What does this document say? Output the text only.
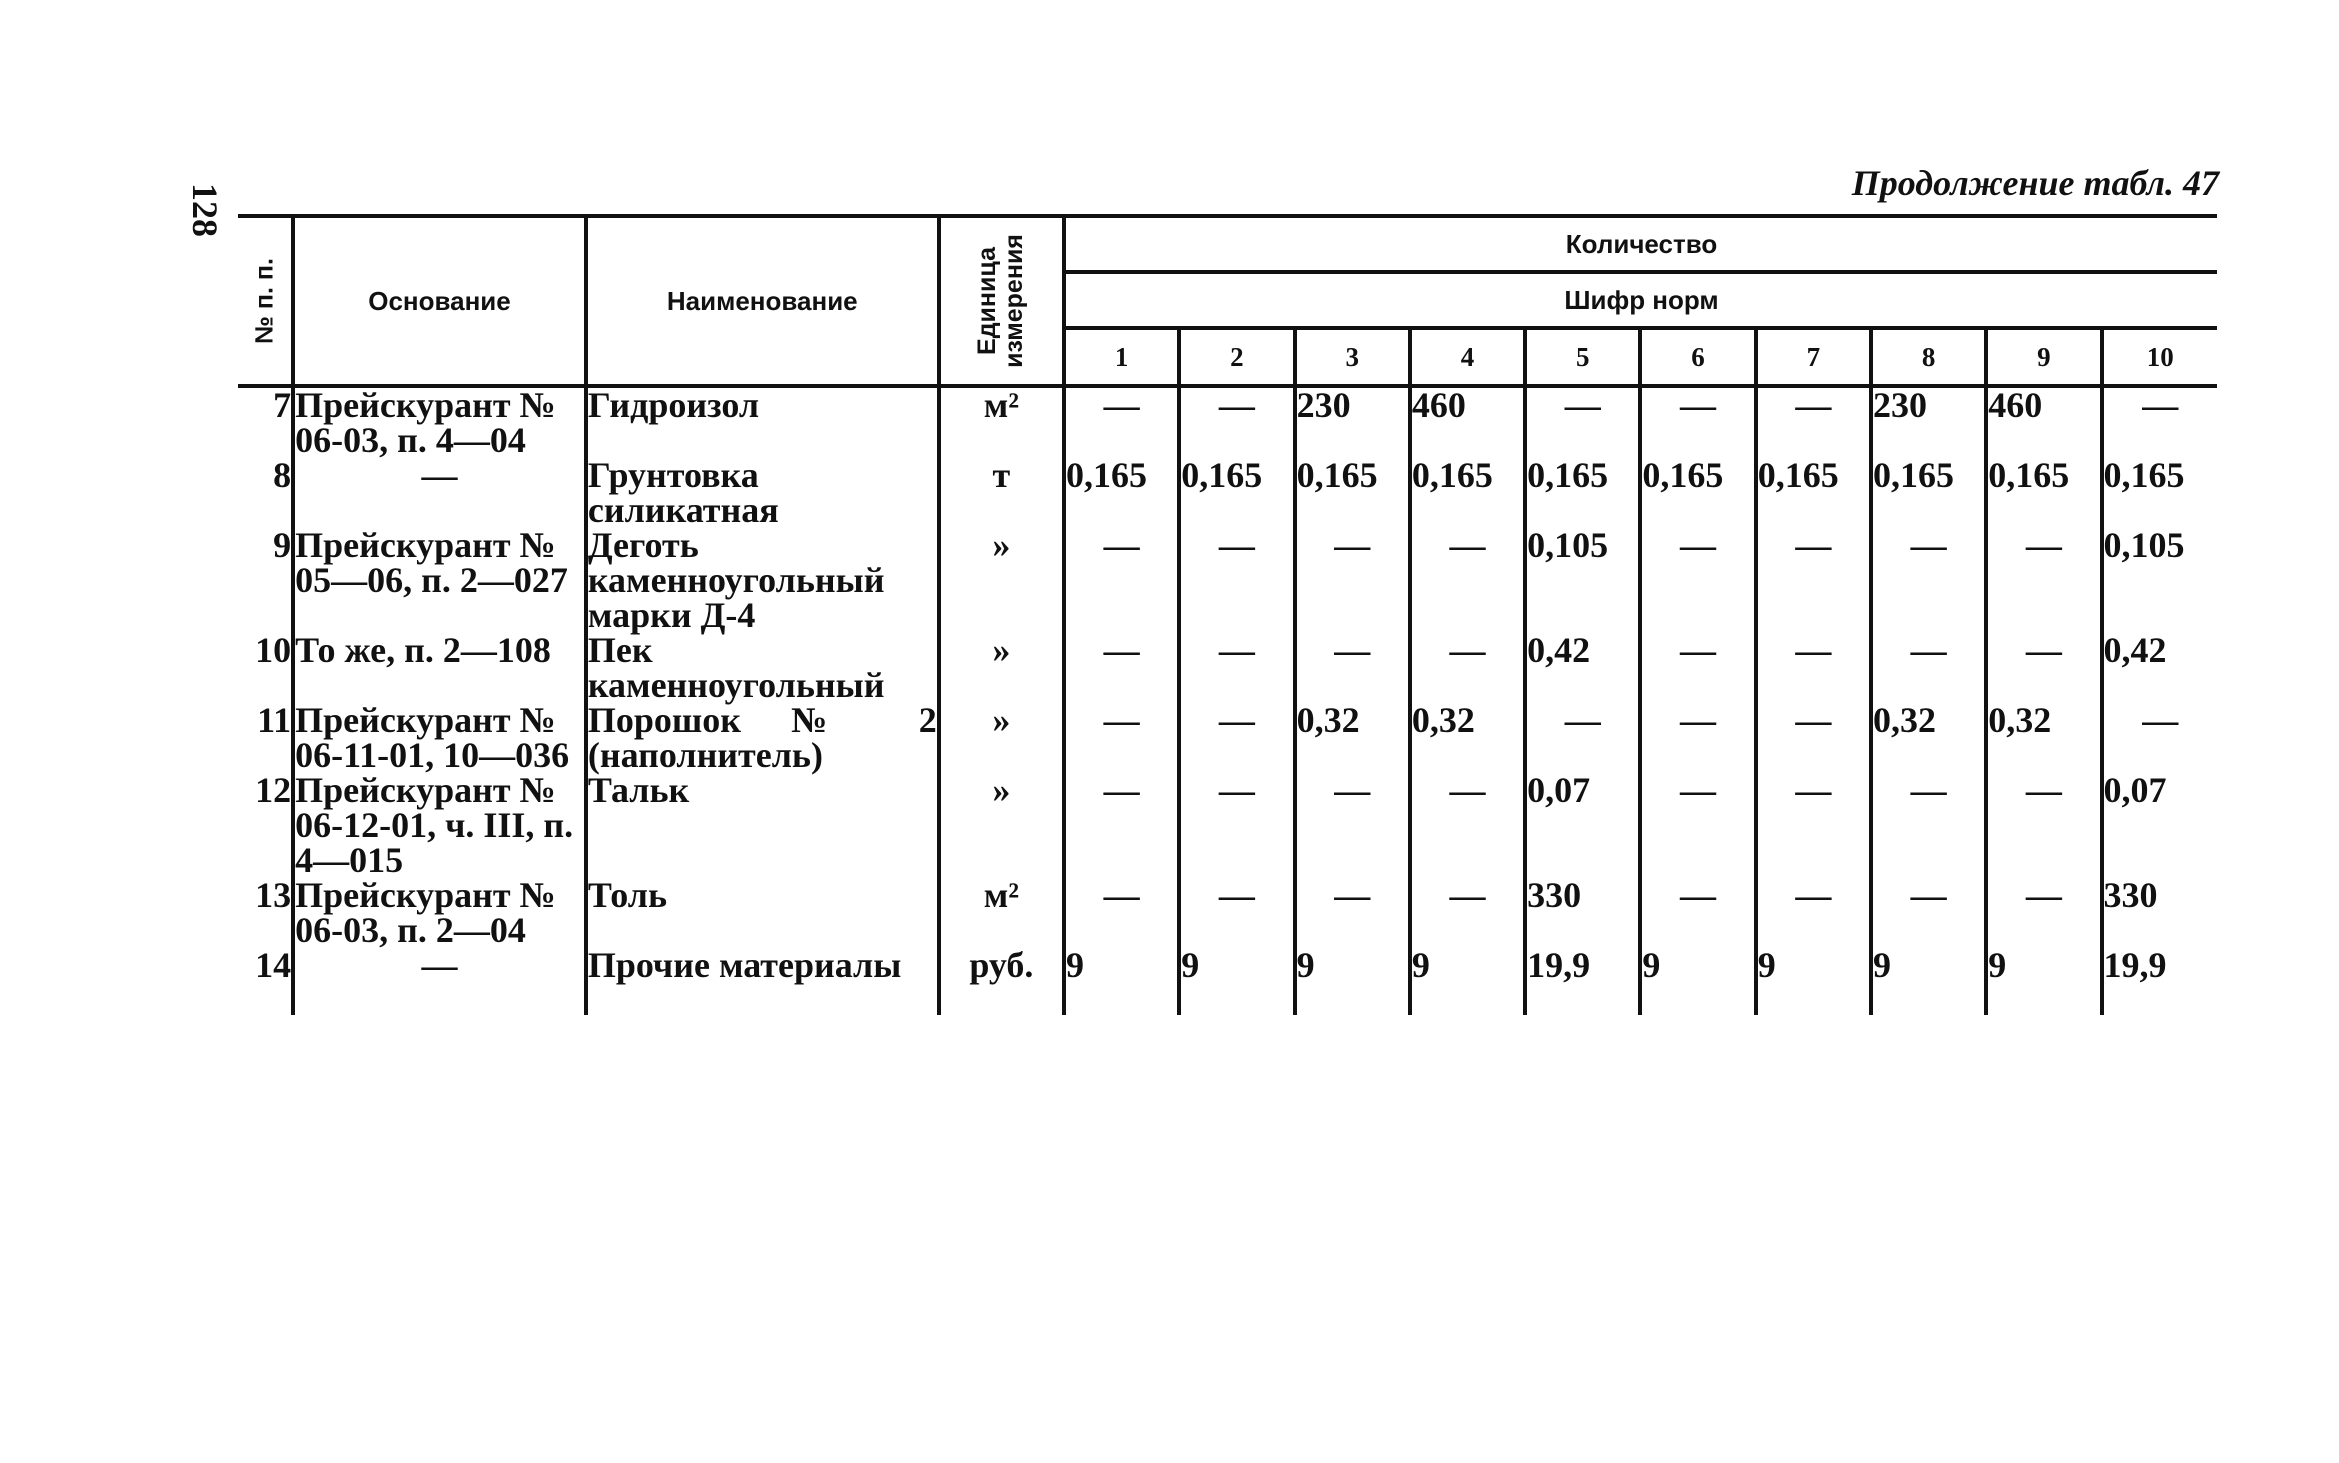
128	Продолжение табл. 47
№ п. п.	Основание	Наименование	Единица измерения	Количество									
				Шифр норм									
				1	2	3	4	5	6	7	8	9	10
7	Прейскурант № 06-03, п. 4—04	Гидроизол	м²	—	—	230	460	—	—	—	230	460	—
8	—	Грунтовка силикатная	т	0,165	0,165	0,165	0,165	0,165	0,165	0,165	0,165	0,165	0,165
9	Прейскурант № 05—06, п. 2—027	Деготь каменноугольный марки Д-4	»	—	—	—	—	0,105	—	—	—	—	0,105
10	То же, п. 2—108	Пек каменноугольный	»	—	—	—	—	0,42	—	—	—	—	0,42
11	Прейскурант № 06-11-01, 10—036	Порошок № 2 (наполнитель)	»	—	—	0,32	0,32	—	—	—	0,32	0,32	—
12	Прейскурант № 06-12-01, ч. III, п. 4—015	Тальк	»	—	—	—	—	0,07	—	—	—	—	0,07
13	Прейскурант № 06-03, п. 2—04	Толь	м²	—	—	—	—	330	—	—	—	—	330
14	—	Прочие материалы	руб.	9	9	9	9	19,9	9	9	9	9	19,9
